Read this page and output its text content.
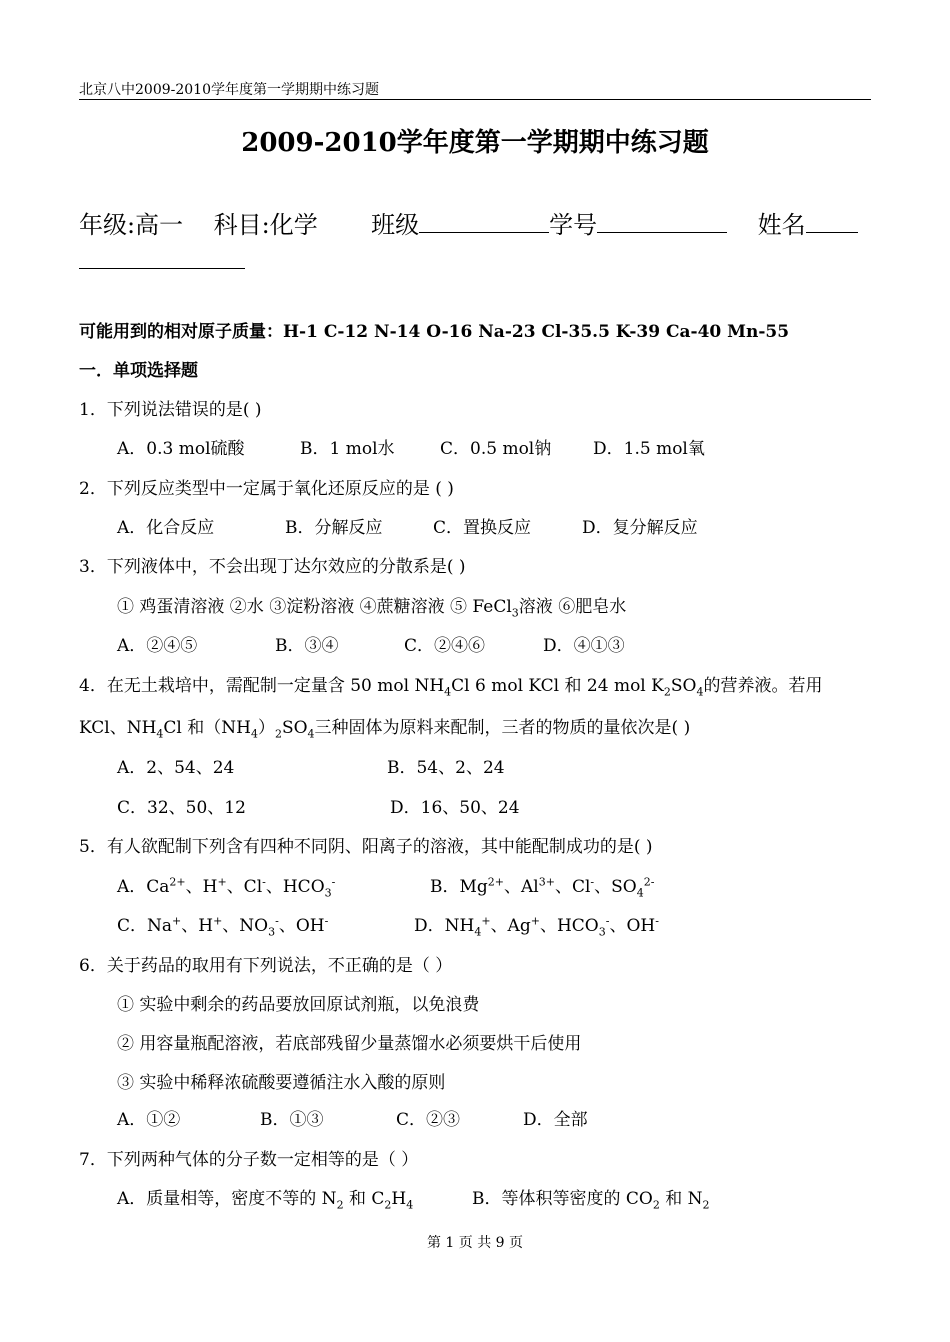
北京八中2009-2010学年度第一学期期中练习题
2009-2010学年度第一学期期中练习题
年级:高一 科目:化学 班级	学号	姓名
可能用到的相对原子质量：H-1 C-12 N-14 O-16 Na-23 Cl-35.5 K-39 Ca-40 Mn-55
一．单项选择题
1．下列说法错误的是( )
A．0.3 mol硫酸	B．1 mol水	C．0.5 mol钠 D．1.5 mol氧
2．下列反应类型中一定属于氧化还原反应的是 ( )
A．化合反应	B．分解反应	C．置换反应	D．复分解反应
3．下列液体中，不会出现丁达尔效应的分散系是( )
① 鸡蛋清溶液 ②水 ③淀粉溶液 ④蔗糖溶液 ⑤ FeCl$_3$溶液 ⑥肥皂水
A．②④⑤	B．③④	C．②④⑥	D．④①③
4．在无土栽培中，需配制一定量含 50 mol $NH_4Cl$ 6 mol KCl 和 24 mol $K_2SO_4$的营养液。若用
KCl、$NH_4Cl$ 和$(NH_4)_2SO_4$三种固体为原料来配制，三者的物质的量依次是( )
A．2、54、24	B．54、2、24
C．32、50、12	D．16、50、24
5．有人欲配制下列含有四种不同阴、阳离子的溶液，其中能配制成功的是( )
A．$Ca^{2+}$、H+、Cl-、$HCO_3^-$	B．$Mg^{2+}$、$Al^{3+}$、Cl-、$SO_4^{2-}$
C．Na+、H+、$NO_3^-$、OH-	D．$NH_4^+$、Ag+、$HCO_3^-$、OH-
6．关于药品的取用有下列说法，不正确的是（ ）
① 实验中剩余的药品要放回原试剂瓶，以免浪费
② 用容量瓶配溶液，若底部残留少量蒸馏水必须要烘干后使用
③ 实验中稀释浓硫酸要遵循注水入酸的原则
A．①②	B．①③	C．②③	D．全部
7．下列两种气体的分子数一定相等的是（ ）
A．质量相等，密度不等的 $N_2$ 和 $C_2H_4$	B．等体积等密度的 $CO_2$ 和 $N_2$
第 1 页 共 9 页
